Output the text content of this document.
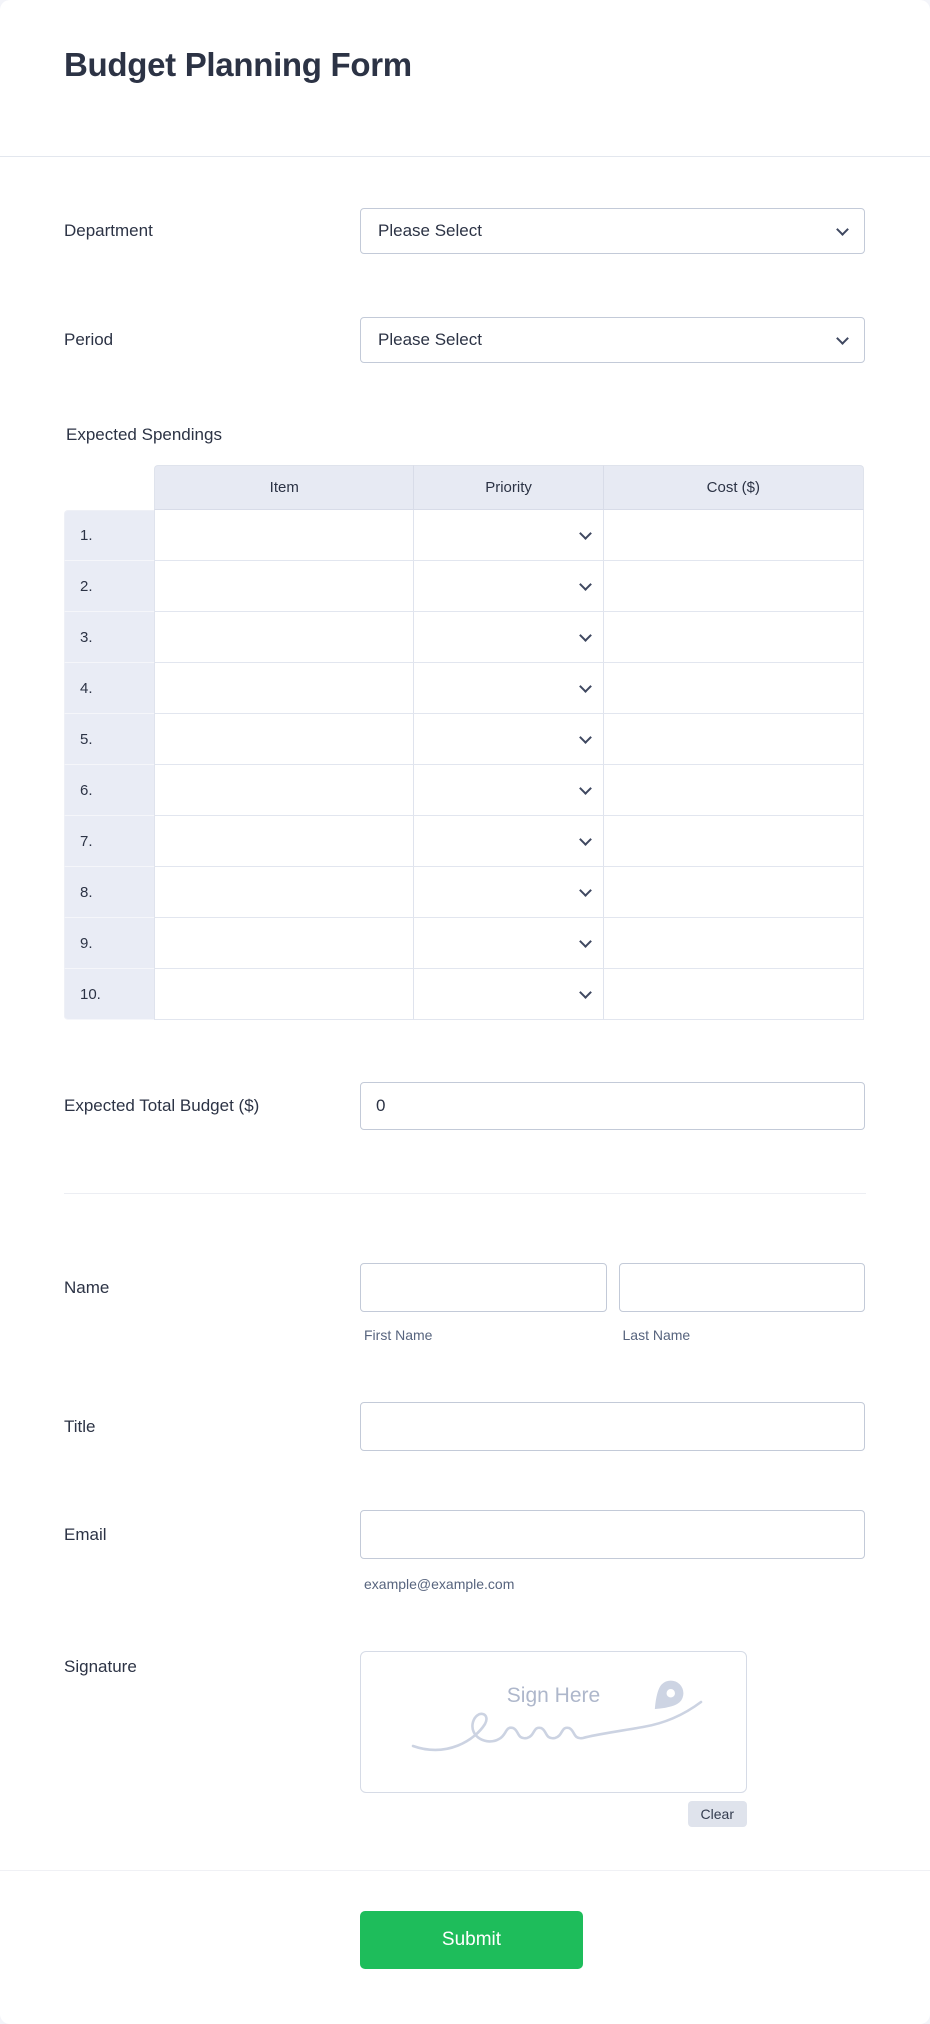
Budget Planning Form
Department	Please Select
Period	Please Select
Expected Spendings
	Item	Priority	Cost ($)
1.		

2.		

3.		

4.		

5.		

6.		

7.		

8.		

9.		

10.		

Expected Total Budget ($)
0
Name
First Name	Last Name
Title
Email
example@example.com
Signature
Sign Here
Clear
Submit
